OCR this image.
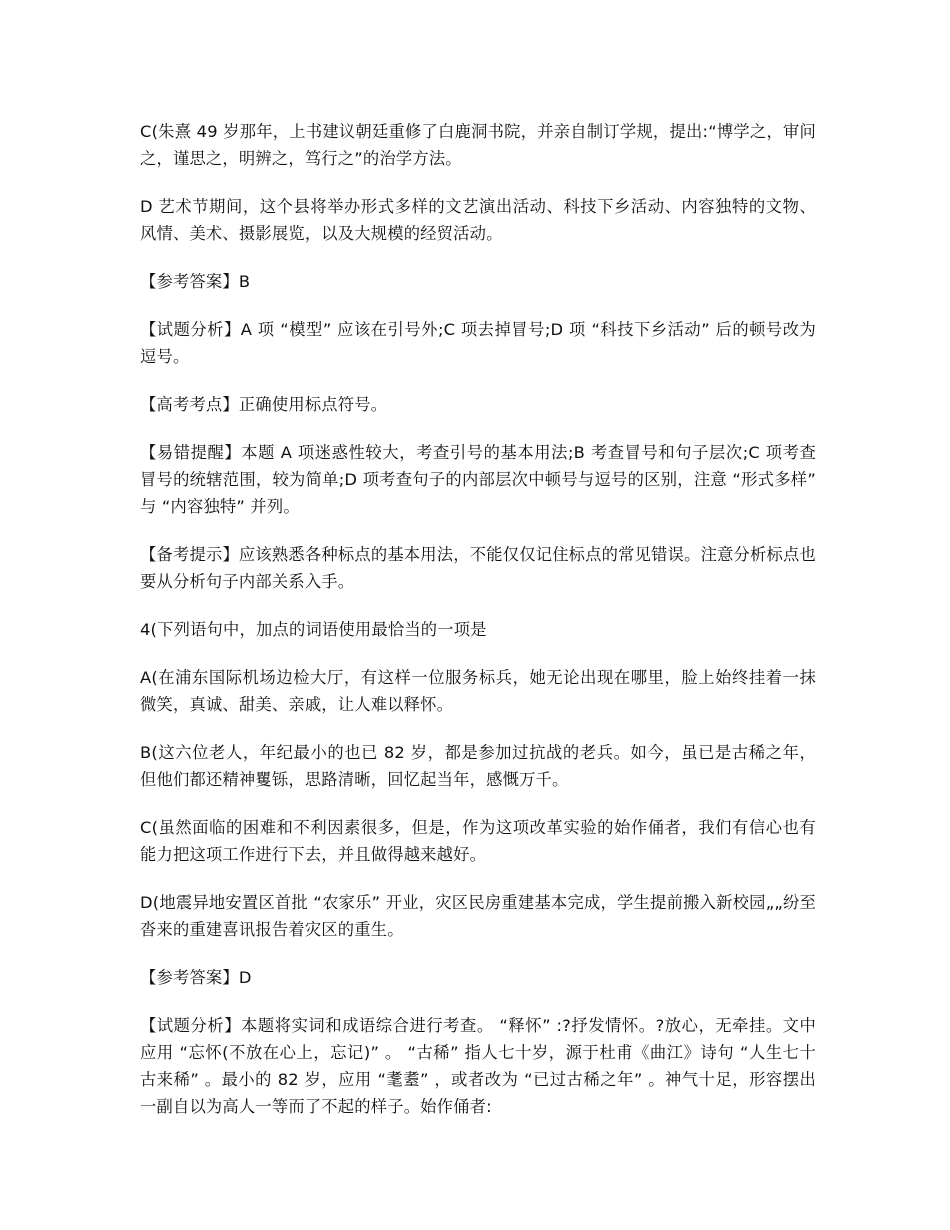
C(朱熹 49 岁那年，上书建议朝廷重修了白鹿洞书院，并亲自制订学规，提出:“博学之，审问之，谨思之，明辨之，笃行之”的治学方法。

D 艺术节期间，这个县将举办形式多样的文艺演出活动、科技下乡活动、内容独特的文物、风情、美术、摄影展览，以及大规模的经贸活动。

【参考答案】B

【试题分析】A 项 “模型” 应该在引号外;C 项去掉冒号;D 项 “科技下乡活动” 后的顿号改为逗号。

【高考考点】正确使用标点符号。

【易错提醒】本题 A 项迷惑性较大，考查引号的基本用法;B 考查冒号和句子层次;C 项考查冒号的统辖范围，较为简单;D 项考查句子的内部层次中顿号与逗号的区别，注意 “形式多样” 与 “内容独特” 并列。

【备考提示】应该熟悉各种标点的基本用法，不能仅仅记住标点的常见错误。注意分析标点也要从分析句子内部关系入手。

4(下列语句中，加点的词语使用最恰当的一项是

A(在浦东国际机场边检大厅，有这样一位服务标兵，她无论出现在哪里，脸上始终挂着一抹微笑，真诚、甜美、亲戚，让人难以释怀。

B(这六位老人，年纪最小的也已 82 岁，都是参加过抗战的老兵。如今，虽已是古稀之年，但他们都还精神矍铄，思路清晰，回忆起当年，感慨万千。

C(虽然面临的困难和不利因素很多，但是，作为这项改革实验的始作俑者，我们有信心也有能力把这项工作进行下去，并且做得越来越好。

D(地震异地安置区首批 “农家乐” 开业，灾区民房重建基本完成，学生提前搬入新校园„„纷至沓来的重建喜讯报告着灾区的重生。

【参考答案】D

【试题分析】本题将实词和成语综合进行考查。 “释怀” :?抒发情怀。?放心，无牵挂。文中应用 “忘怀(不放在心上，忘记)” 。 “古稀” 指人七十岁，源于杜甫《曲江》诗句 “人生七十古来稀” 。最小的 82 岁，应用 “耄耋” ，或者改为 “已过古稀之年” 。神气十足，形容摆出一副自以为高人一等而了不起的样子。始作俑者:
